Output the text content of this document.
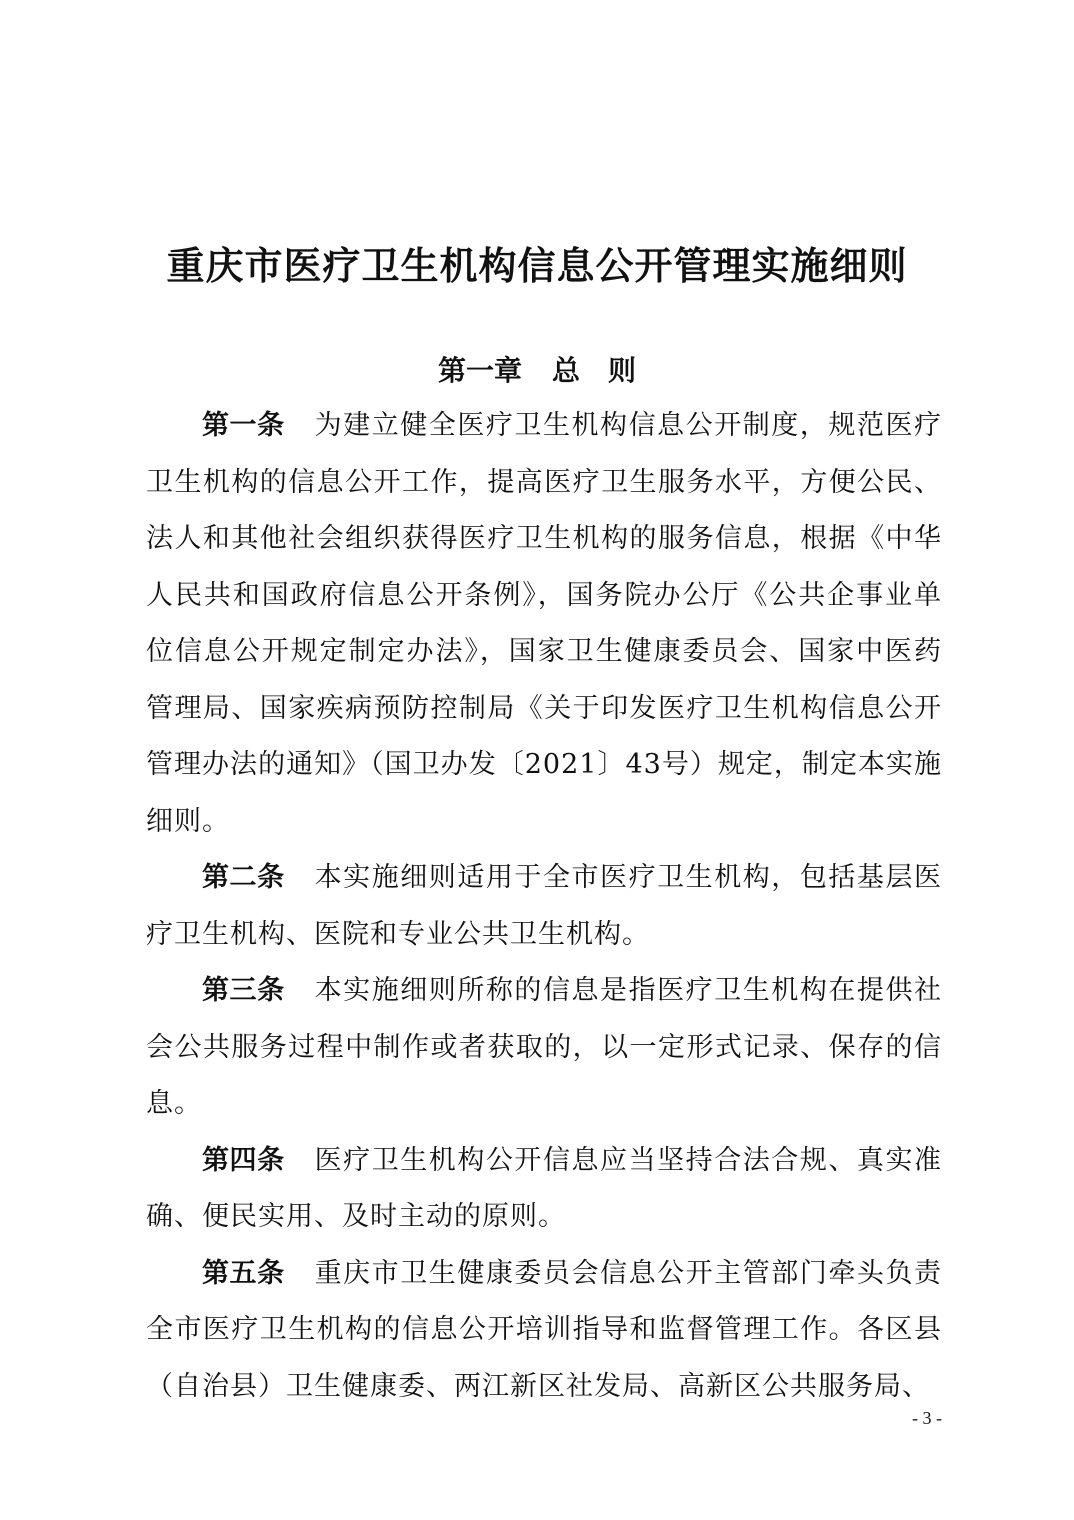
重庆市医疗卫生机构信息公开管理实施细则
第一章 总　则

第一条 为建立健全医疗卫生机构信息公开制度，规范医疗卫生机构的信息公开工作，提高医疗卫生服务水平，方便公民、法人和其他社会组织获得医疗卫生机构的服务信息，根据《中华人民共和国政府信息公开条例》，国务院办公厅《公共企事业单位信息公开规定制定办法》，国家卫生健康委员会、国家中医药管理局、国家疾病预防控制局《关于印发医疗卫生机构信息公开管理办法的通知》（国卫办发〔2021〕43号）规定，制定本实施细则。

第二条 本实施细则适用于全市医疗卫生机构，包括基层医疗卫生机构、医院和专业公共卫生机构。

第三条 本实施细则所称的信息是指医疗卫生机构在提供社会公共服务过程中制作或者获取的，以一定形式记录、保存的信息。

第四条 医疗卫生机构公开信息应当坚持合法合规、真实准确、便民实用、及时主动的原则。

第五条 重庆市卫生健康委员会信息公开主管部门牵头负责全市医疗卫生机构的信息公开培训指导和监督管理工作。各区县（自治县）卫生健康委、两江新区社发局、高新区公共服务局、

- 3 -
